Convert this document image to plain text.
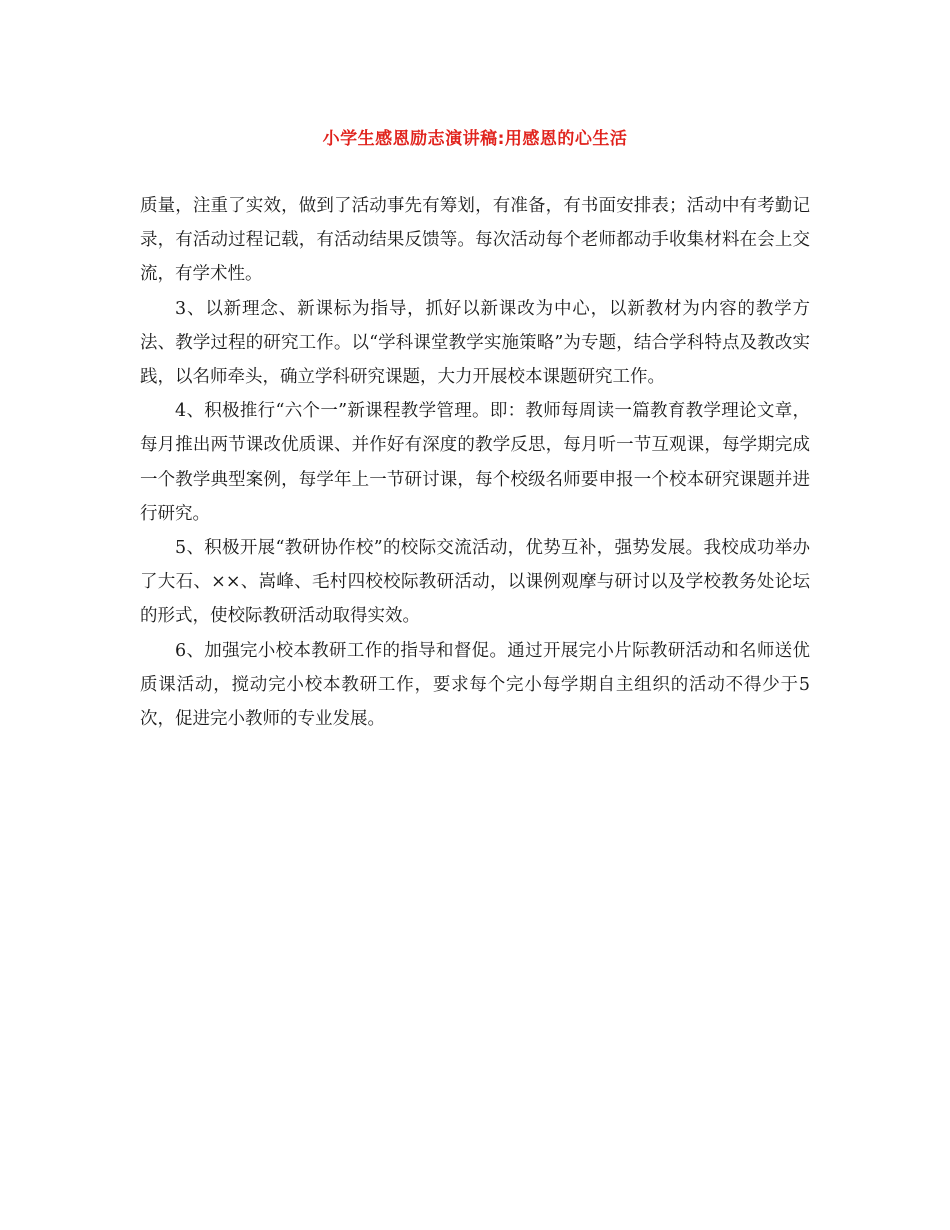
小学生感恩励志演讲稿:用感恩的心生活

质量，注重了实效，做到了活动事先有筹划，有准备，有书面安排表；活动中有考勤记录，有活动过程记载，有活动结果反馈等。每次活动每个老师都动手收集材料在会上交流，有学术性。

3、以新理念、新课标为指导，抓好以新课改为中心，以新教材为内容的教学方法、教学过程的研究工作。以“学科课堂教学实施策略”为专题，结合学科特点及教改实践，以名师牵头，确立学科研究课题，大力开展校本课题研究工作。

4、积极推行“六个一”新课程教学管理。即：教师每周读一篇教育教学理论文章，每月推出两节课改优质课、并作好有深度的教学反思，每月听一节互观课，每学期完成一个教学典型案例，每学年上一节研讨课，每个校级名师要申报一个校本研究课题并进行研究。

5、积极开展“教研协作校”的校际交流活动，优势互补，强势发展。我校成功举办了大石、××、嵩峰、毛村四校校际教研活动，以课例观摩与研讨以及学校教务处论坛的形式，使校际教研活动取得实效。

6、加强完小校本教研工作的指导和督促。通过开展完小片际教研活动和名师送优质课活动，搅动完小校本教研工作，要求每个完小每学期自主组织的活动不得少于5次，促进完小教师的专业发展。
